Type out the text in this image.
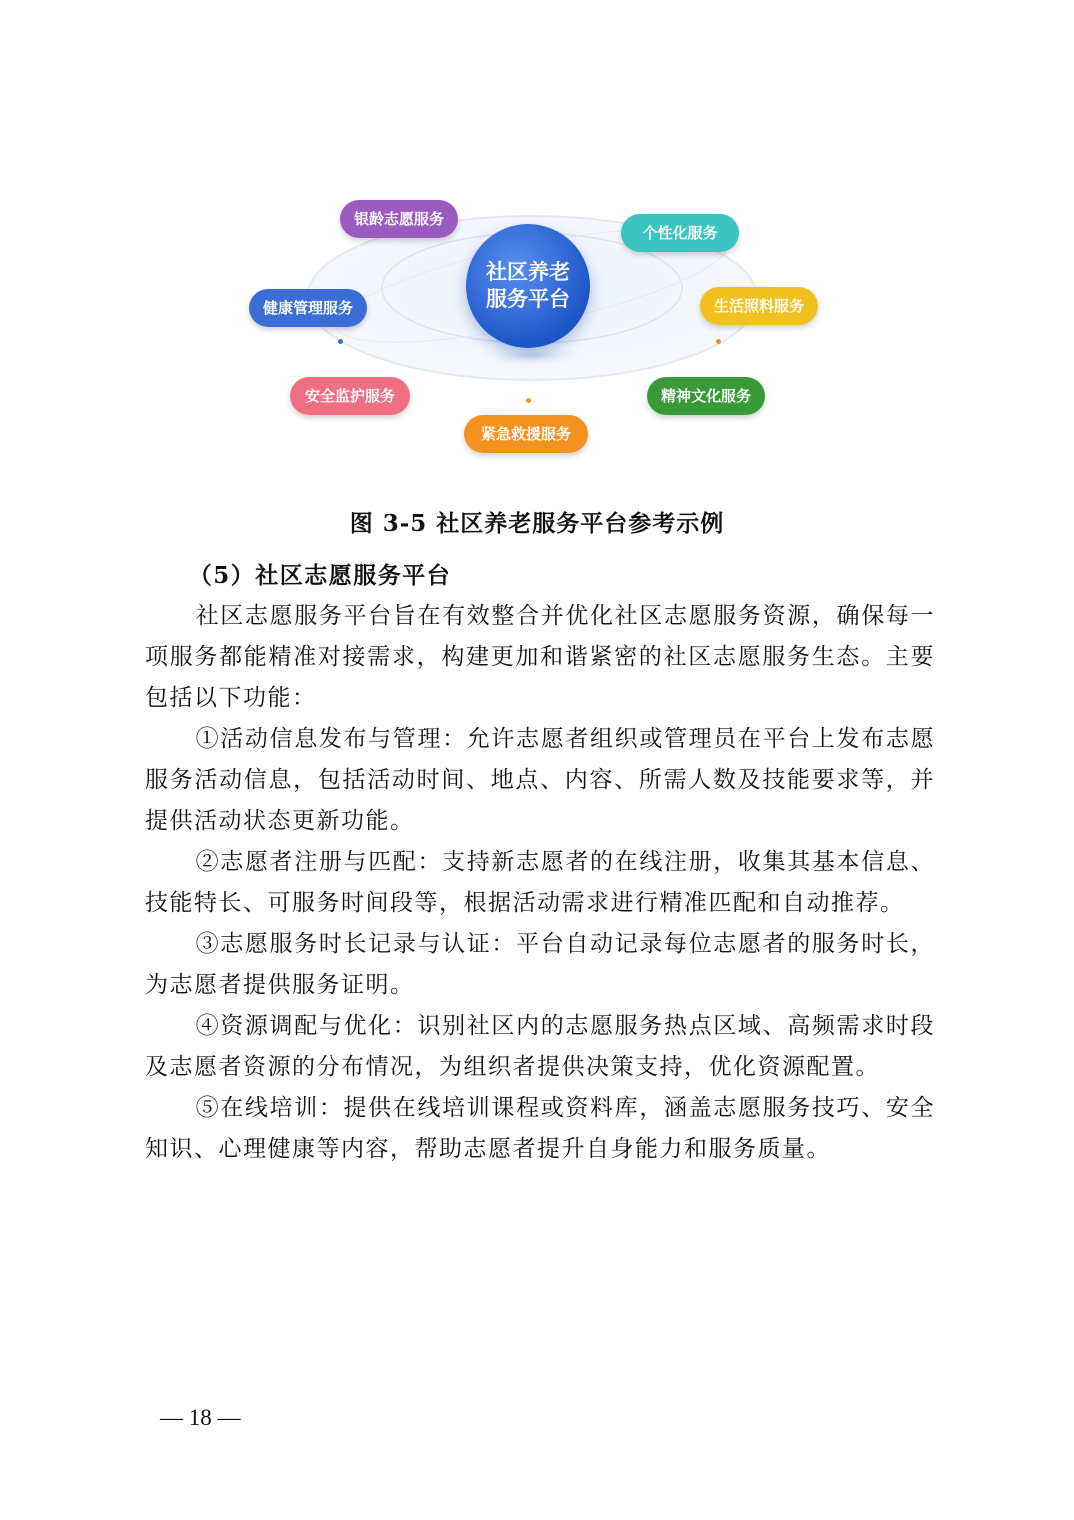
社区养老服务平台
银龄志愿服务
个性化服务
健康管理服务	生活照料服务
安全监护服务	精神文化服务
紧急救援服务
图 3-5 社区养老服务平台参考示例

（5）社区志愿服务平台

社区志愿服务平台旨在有效整合并优化社区志愿服务资源，确保每一项服务都能精准对接需求，构建更加和谐紧密的社区志愿服务生态。主要包括以下功能：

①活动信息发布与管理：允许志愿者组织或管理员在平台上发布志愿服务活动信息，包括活动时间、地点、内容、所需人数及技能要求等，并提供活动状态更新功能。

②志愿者注册与匹配：支持新志愿者的在线注册，收集其基本信息、技能特长、可服务时间段等，根据活动需求进行精准匹配和自动推荐。

③志愿服务时长记录与认证：平台自动记录每位志愿者的服务时长，为志愿者提供服务证明。

④资源调配与优化：识别社区内的志愿服务热点区域、高频需求时段及志愿者资源的分布情况，为组织者提供决策支持，优化资源配置。

⑤在线培训：提供在线培训课程或资料库，涵盖志愿服务技巧、安全知识、心理健康等内容，帮助志愿者提升自身能力和服务质量。

— 18 —
